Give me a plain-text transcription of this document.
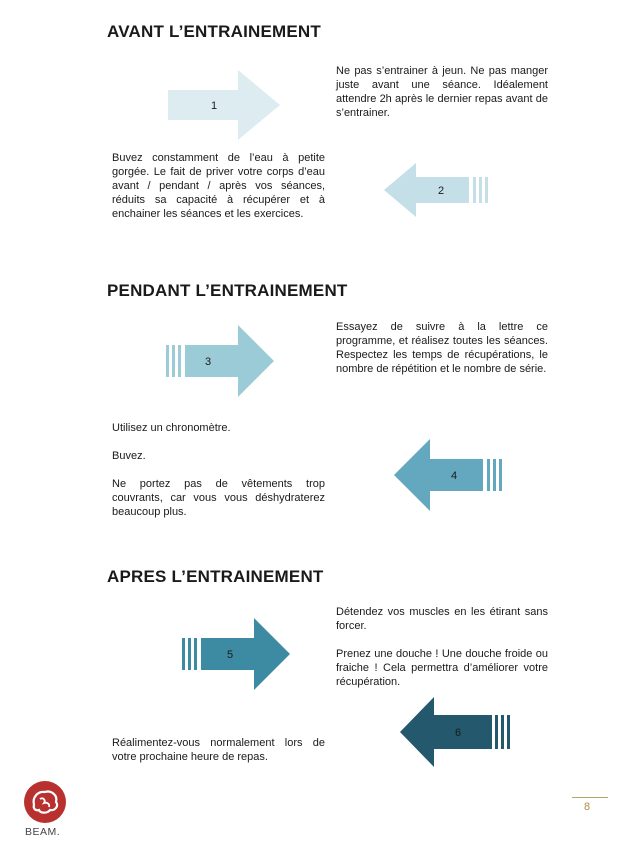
AVANT L’ENTRAINEMENT
1

Ne pas s’entrainer à jeun. Ne pas manger juste avant une séance. Idéalement attendre 2h après le dernier repas avant de s’entrainer.

Buvez constamment de l’eau à petite gorgée. Le fait de priver votre corps d’eau avant / pendant / après vos séances, réduits sa capacité à récupérer et à enchainer les séances et les exercices.

2
PENDANT L’ENTRAINEMENT
3

Essayez de suivre à la lettre ce programme, et réalisez toutes les séances. Respectez les temps de récupérations, le nombre de répétition et le nombre de série.

Utilisez un chronomètre.

Buvez.

Ne portez pas de vêtements trop couvrants, car vous vous déshydraterez beaucoup plus.

4
APRES L’ENTRAINEMENT

Détendez vos muscles en les étirant sans forcer.

Prenez une douche ! Une douche froide ou fraiche ! Cela permettra d’améliorer votre récupération.

5
6

Réalimentez-vous normalement lors de votre prochaine heure de repas.

BEAM.
8
